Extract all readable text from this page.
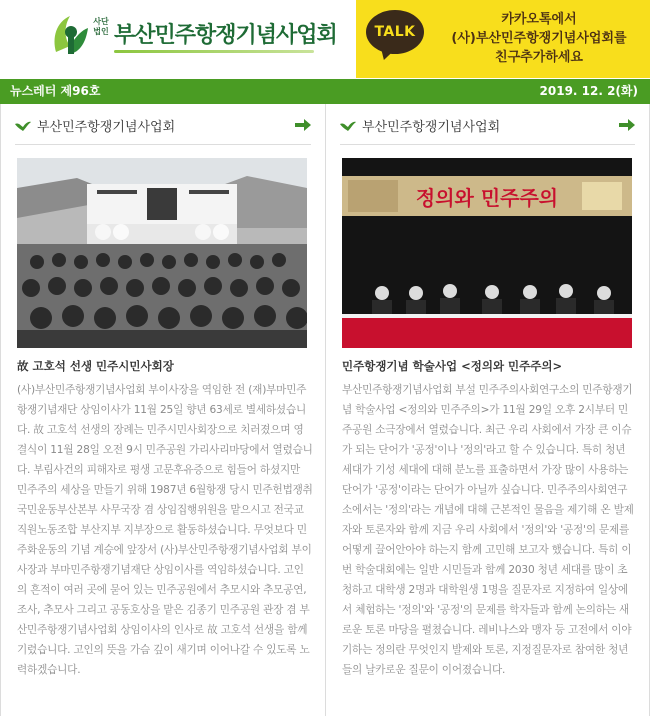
사단법인 부산민주항쟁기념사업회	TALK
카카오톡에서
(사)부산민주항쟁기념사업회를
친구추가하세요
뉴스레터 제96호	2019. 12. 2(화)
부산민주항쟁기념사업회
故 고호석 선생 민주시민사회장
(사)부산민주항쟁기념사업회 부이사장을 역임한 전 (재)부마민주항쟁기념재단 상임이사가 11월 25일 향년 63세로 별세하셨습니다. 故 고호석 선생의 장례는 민주시민사회장으로 치러졌으며 영결식이 11월 28일 오전 9시 민주공원 가리사리마당에서 열렸습니다. 부림사건의 피해자로 평생 고문후유증으로 힘들어 하셨지만 민주주의 세상을 만들기 위해 1987년 6월항쟁 당시 민주헌법쟁취국민운동부산본부 사무국장 겸 상임집행위원을 맡으시고 전국교직원노동조합 부산지부 지부장으로 활동하셨습니다. 무엇보다 민주화운동의 기념 계승에 앞장서 (사)부산민주항쟁기념사업회 부이사장과 부마민주항쟁기념재단 상임이사를 역임하셨습니다. 고인의 흔적이 여러 곳에 묻어 있는 민주공원에서 추모시와 추모공연, 조사, 추모사 그리고 공동호상을 맡은 김종기 민주공원 관장 겸 부산민주항쟁기념사업회 상임이사의 인사로 故 고호석 선생을 함께 기렸습니다. 고인의 뜻을 가슴 깊이 새기며 이어나갈 수 있도록 노력하겠습니다.
부산민주항쟁기념사업회
정의와 민주주의
민주항쟁기념 학술사업 <정의와 민주주의>
부산민주항쟁기념사업회 부설 민주주의사회연구소의 민주항쟁기념 학술사업 <정의와 민주주의>가 11월 29일 오후 2시부터 민주공원 소극장에서 열렸습니다. 최근 우리 사회에서 가장 큰 이슈가 되는 단어가 '공정'이나 '정의'라고 할 수 있습니다. 특히 청년 세대가 기성 세대에 대해 분노를 표출하면서 가장 많이 사용하는 단어가 '공정'이라는 단어가 아닐까 싶습니다. 민주주의사회연구소에서는 '정의'라는 개념에 대해 근본적인 물음을 제기해 온 발제자와 토론자와 함께 지금 우리 사회에서 '정의'와 '공정'의 문제를 어떻게 끌어안아야 하는지 함께 고민해 보고자 했습니다. 특히 이번 학술대회에는 일반 시민들과 함께 2030 청년 세대를 많이 초청하고 대학생 2명과 대학원생 1명을 질문자로 지정하여 일상에서 체험하는 '정의'와 '공정'의 문제를 학자들과 함께 논의하는 새로운 토론 마당을 펼쳤습니다. 레비나스와 맹자 등 고전에서 이야기하는 정의란 무엇인지 발제와 토론, 지정질문자로 참여한 청년들의 날카로운 질문이 이어졌습니다.
